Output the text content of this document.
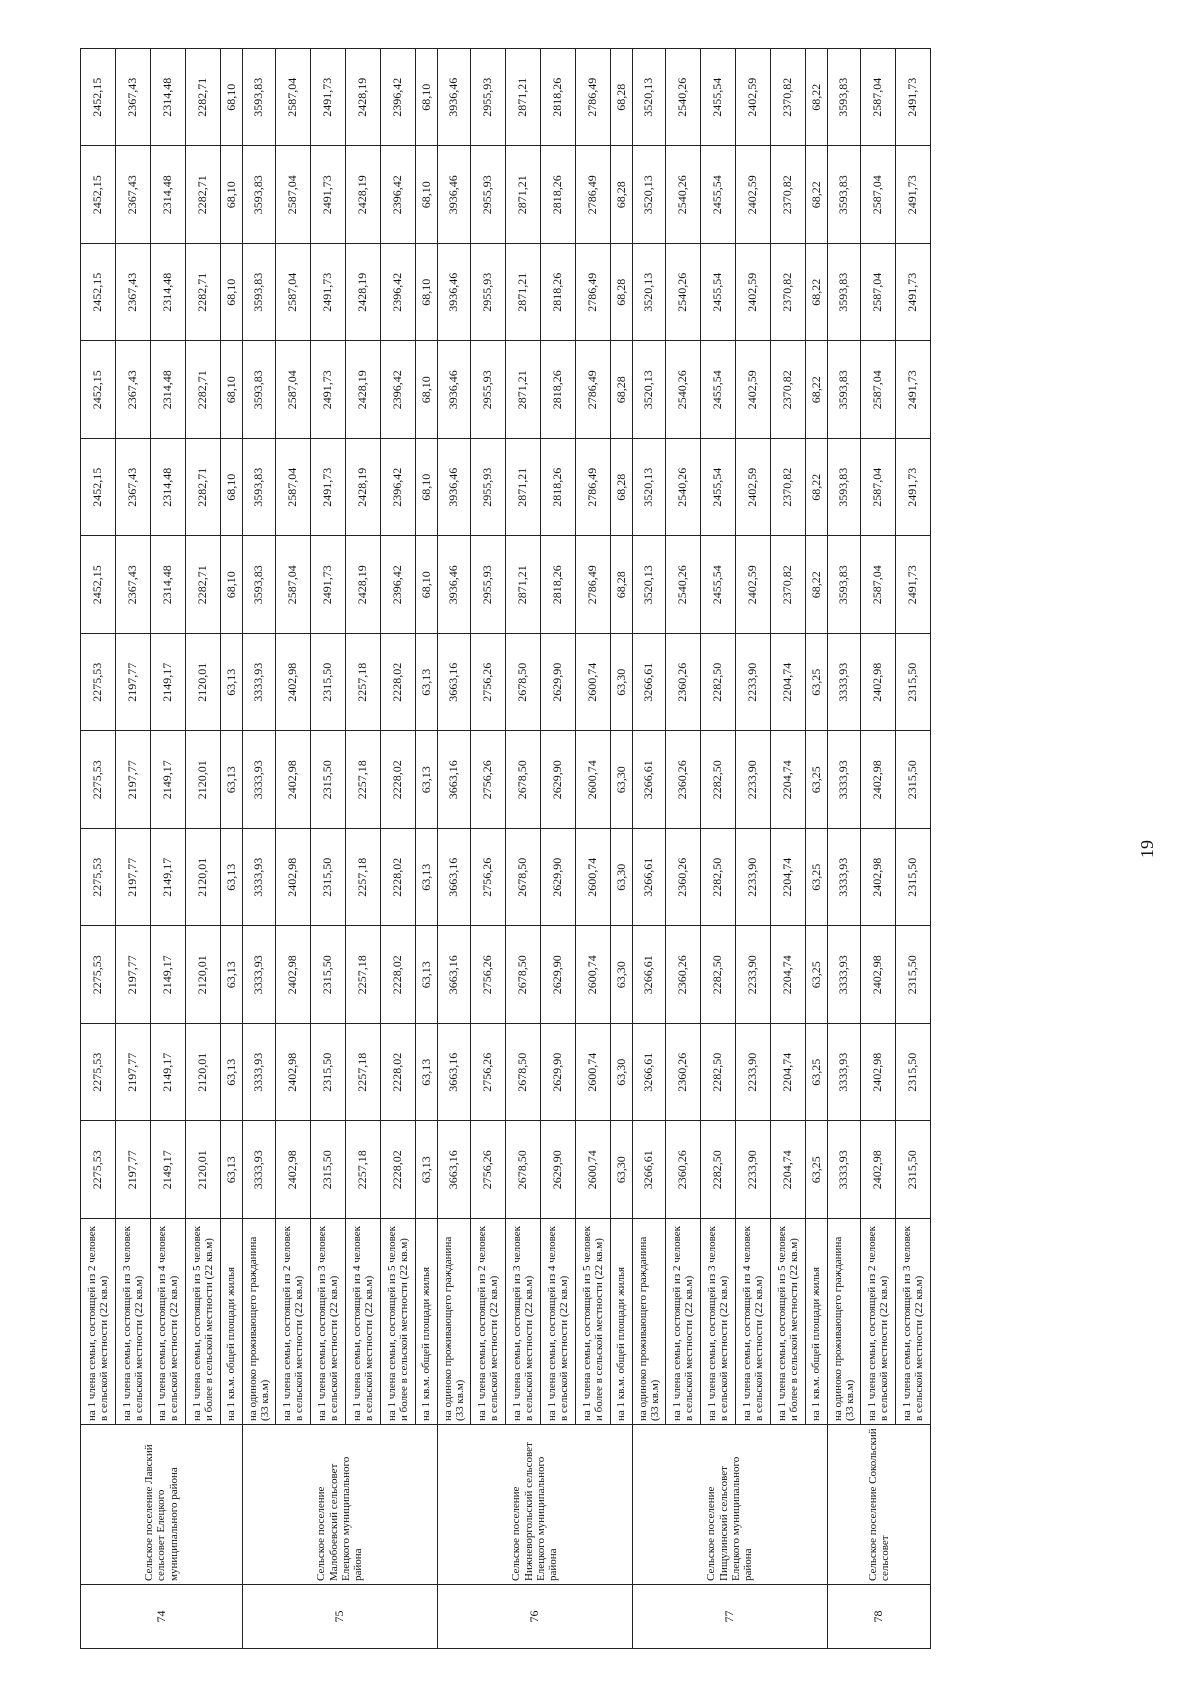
74	Сельское поселение Лавский сельсовет Елецкого муниципального района	на 1 члена семьи, состоящей из 2 человек в сельской местности (22 кв.м)	2275,53	2275,53	2275,53	2275,53	2275,53	2275,53	2452,15	2452,15	2452,15	2452,15	2452,15	2452,15
		на 1 члена семьи, состоящей из 3 человек в сельской местности (22 кв.м)	2197,77	2197,77	2197,77	2197,77	2197,77	2197,77	2367,43	2367,43	2367,43	2367,43	2367,43	2367,43
		на 1 члена семьи, состоящей из 4 человек в сельской местности (22 кв.м)	2149,17	2149,17	2149,17	2149,17	2149,17	2149,17	2314,48	2314,48	2314,48	2314,48	2314,48	2314,48
		на 1 члена семьи, состоящей из 5 человек и более в сельской местности (22 кв.м)	2120,01	2120,01	2120,01	2120,01	2120,01	2120,01	2282,71	2282,71	2282,71	2282,71	2282,71	2282,71
		на 1 кв.м. общей площади жилья	63,13	63,13	63,13	63,13	63,13	63,13	68,10	68,10	68,10	68,10	68,10	68,10
75	Сельское поселение Малобоевский сельсовет Елецкого муниципального района	на одиноко проживающего гражданина (33 кв.м)	3333,93	3333,93	3333,93	3333,93	3333,93	3333,93	3593,83	3593,83	3593,83	3593,83	3593,83	3593,83
		на 1 члена семьи, состоящей из 2 человек в сельской местности (22 кв.м)	2402,98	2402,98	2402,98	2402,98	2402,98	2402,98	2587,04	2587,04	2587,04	2587,04	2587,04	2587,04
		на 1 члена семьи, состоящей из 3 человек в сельской местности (22 кв.м)	2315,50	2315,50	2315,50	2315,50	2315,50	2315,50	2491,73	2491,73	2491,73	2491,73	2491,73	2491,73
		на 1 члена семьи, состоящей из 4 человек в сельской местности (22 кв.м)	2257,18	2257,18	2257,18	2257,18	2257,18	2257,18	2428,19	2428,19	2428,19	2428,19	2428,19	2428,19
		на 1 члена семьи, состоящей из 5 человек и более в сельской местности (22 кв.м)	2228,02	2228,02	2228,02	2228,02	2228,02	2228,02	2396,42	2396,42	2396,42	2396,42	2396,42	2396,42
		на 1 кв.м. общей площади жилья	63,13	63,13	63,13	63,13	63,13	63,13	68,10	68,10	68,10	68,10	68,10	68,10
76	Сельское поселение Нижневоргольский сельсовет Елецкого муниципального района	на одиноко проживающего гражданина (33 кв.м)	3663,16	3663,16	3663,16	3663,16	3663,16	3663,16	3936,46	3936,46	3936,46	3936,46	3936,46	3936,46
		на 1 члена семьи, состоящей из 2 человек в сельской местности (22 кв.м)	2756,26	2756,26	2756,26	2756,26	2756,26	2756,26	2955,93	2955,93	2955,93	2955,93	2955,93	2955,93
		на 1 члена семьи, состоящей из 3 человек в сельской местности (22 кв.м)	2678,50	2678,50	2678,50	2678,50	2678,50	2678,50	2871,21	2871,21	2871,21	2871,21	2871,21	2871,21
		на 1 члена семьи, состоящей из 4 человек в сельской местности (22 кв.м)	2629,90	2629,90	2629,90	2629,90	2629,90	2629,90	2818,26	2818,26	2818,26	2818,26	2818,26	2818,26
		на 1 члена семьи, состоящей из 5 человек и более в сельской местности (22 кв.м)	2600,74	2600,74	2600,74	2600,74	2600,74	2600,74	2786,49	2786,49	2786,49	2786,49	2786,49	2786,49
		на 1 кв.м. общей площади жилья	63,30	63,30	63,30	63,30	63,30	63,30	68,28	68,28	68,28	68,28	68,28	68,28
77	Сельское поселение Пищулинский сельсовет Елецкого муниципального района	на одиноко проживающего гражданина (33 кв.м)	3266,61	3266,61	3266,61	3266,61	3266,61	3266,61	3520,13	3520,13	3520,13	3520,13	3520,13	3520,13
		на 1 члена семьи, состоящей из 2 человек в сельской местности (22 кв.м)	2360,26	2360,26	2360,26	2360,26	2360,26	2360,26	2540,26	2540,26	2540,26	2540,26	2540,26	2540,26
		на 1 члена семьи, состоящей из 3 человек в сельской местности (22 кв.м)	2282,50	2282,50	2282,50	2282,50	2282,50	2282,50	2455,54	2455,54	2455,54	2455,54	2455,54	2455,54
		на 1 члена семьи, состоящей из 4 человек в сельской местности (22 кв.м)	2233,90	2233,90	2233,90	2233,90	2233,90	2233,90	2402,59	2402,59	2402,59	2402,59	2402,59	2402,59
		на 1 члена семьи, состоящей из 5 человек и более в сельской местности (22 кв.м)	2204,74	2204,74	2204,74	2204,74	2204,74	2204,74	2370,82	2370,82	2370,82	2370,82	2370,82	2370,82
		на 1 кв.м. общей площади жилья	63,25	63,25	63,25	63,25	63,25	63,25	68,22	68,22	68,22	68,22	68,22	68,22
78	Сельское поселение Сокольский сельсовет	на одиноко проживающего гражданина (33 кв.м)	3333,93	3333,93	3333,93	3333,93	3333,93	3333,93	3593,83	3593,83	3593,83	3593,83	3593,83	3593,83
		на 1 члена семьи, состоящей из 2 человек в сельской местности (22 кв.м)	2402,98	2402,98	2402,98	2402,98	2402,98	2402,98	2587,04	2587,04	2587,04	2587,04	2587,04	2587,04
		на 1 члена семьи, состоящей из 3 человек в сельской местности (22 кв.м)	2315,50	2315,50	2315,50	2315,50	2315,50	2315,50	2491,73	2491,73	2491,73	2491,73	2491,73	2491,73
19
